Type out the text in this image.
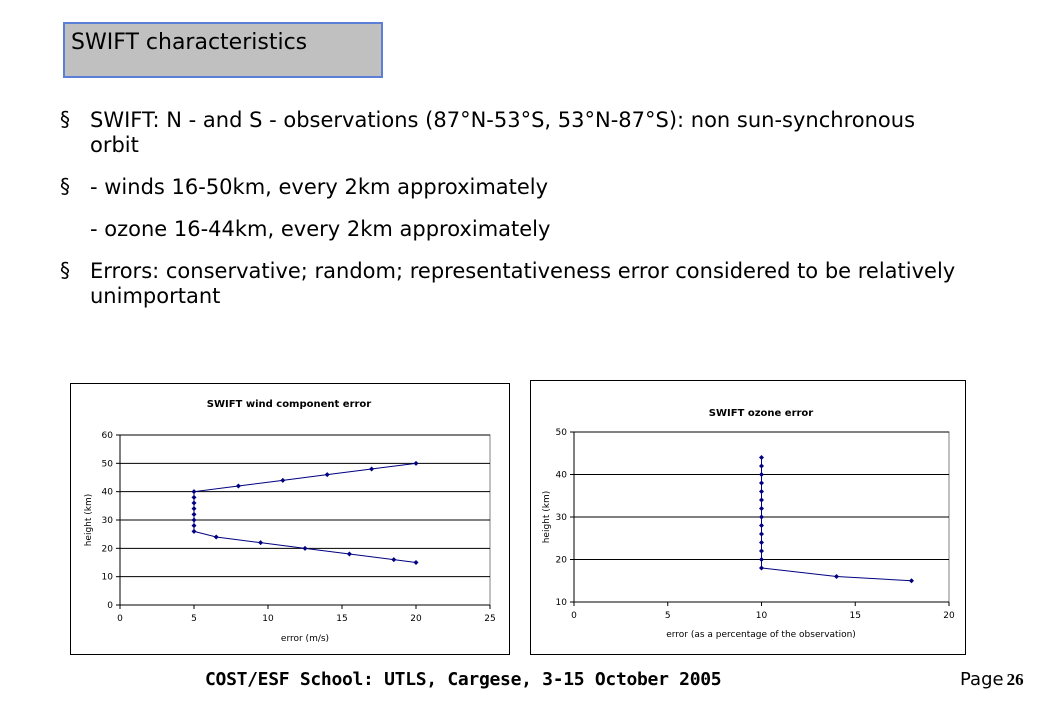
SWIFT characteristics
§ SWIFT: N - and S - observations (87°N-53°S, 53°N-87°S): non sun-synchronous orbit
§ - winds 16-50km, every 2km approximately
- ozone 16-44km, every 2km approximately
§ Errors: conservative; random; representativeness error considered to be relatively unimportant
SWIFT wind component error
0
10
20
30
40
50
60
0	5	10	15	20	25
error (m/s)
height (km)
SWIFT ozone error
10
20
30
40
50
0	5	10	15	20
error (as a percentage of the observation)
height (km)
COST/ESF School: UTLS, Cargese, 3-15 October 2005	Page 26
